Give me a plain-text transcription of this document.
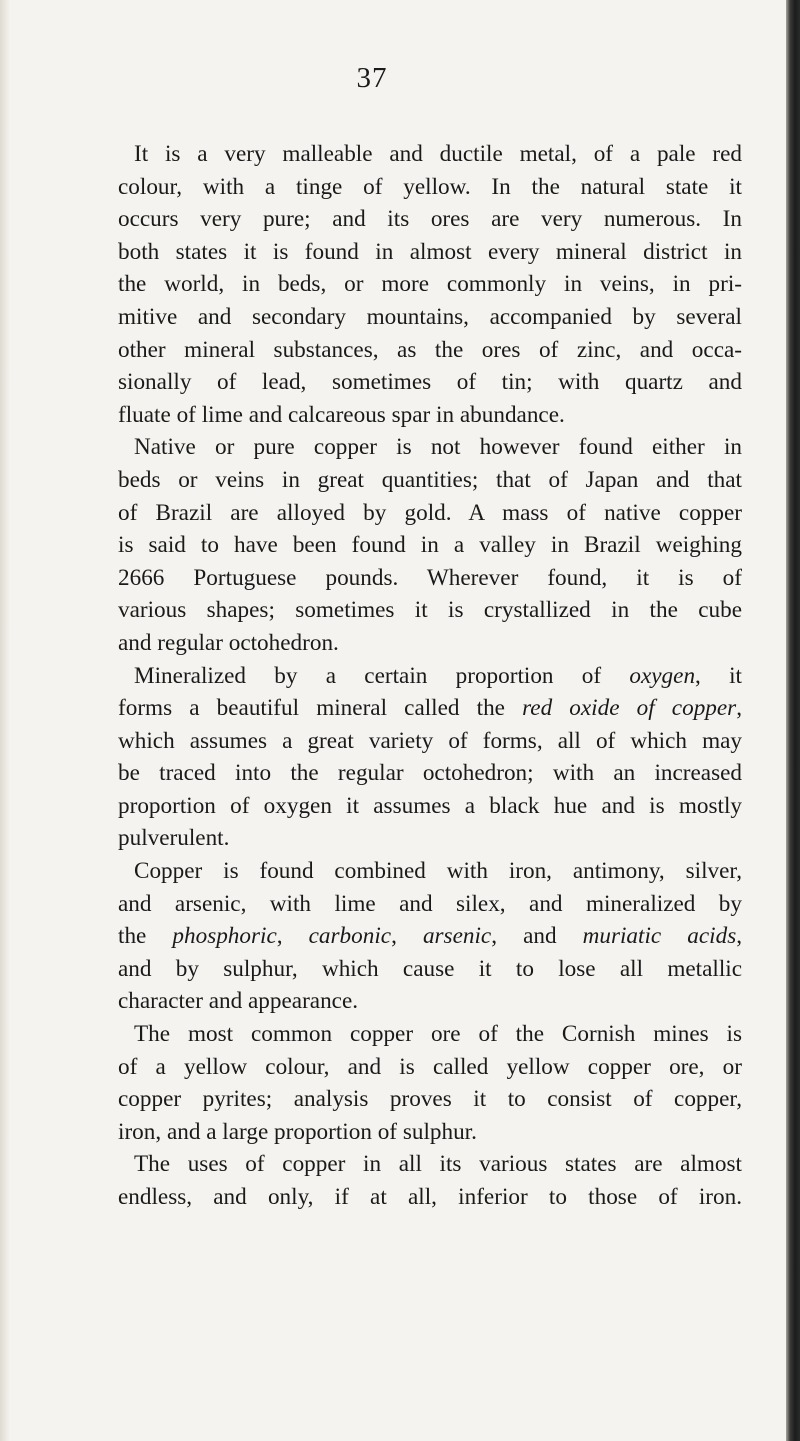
37
It is a very malleable and ductile metal, of a pale red
colour, with a tinge of yellow. In the natural state it
occurs very pure; and its ores are very numerous. In
both states it is found in almost every mineral district in
the world, in beds, or more commonly in veins, in pri-
mitive and secondary mountains, accompanied by several
other mineral substances, as the ores of zinc, and occa-
sionally of lead, sometimes of tin; with quartz and
fluate of lime and calcareous spar in abundance.
Native or pure copper is not however found either in
beds or veins in great quantities; that of Japan and that
of Brazil are alloyed by gold. A mass of native copper
is said to have been found in a valley in Brazil weighing
2666 Portuguese pounds. Wherever found, it is of
various shapes; sometimes it is crystallized in the cube
and regular octohedron.
Mineralized by a certain proportion of oxygen, it
forms a beautiful mineral called the red oxide of copper,
which assumes a great variety of forms, all of which may
be traced into the regular octohedron; with an increased
proportion of oxygen it assumes a black hue and is mostly
pulverulent.
Copper is found combined with iron, antimony, silver,
and arsenic, with lime and silex, and mineralized by
the phosphoric, carbonic, arsenic, and muriatic acids,
and by sulphur, which cause it to lose all metallic
character and appearance.
The most common copper ore of the Cornish mines is
of a yellow colour, and is called yellow copper ore, or
copper pyrites; analysis proves it to consist of copper,
iron, and a large proportion of sulphur.
The uses of copper in all its various states are almost
endless, and only, if at all, inferior to those of iron.
